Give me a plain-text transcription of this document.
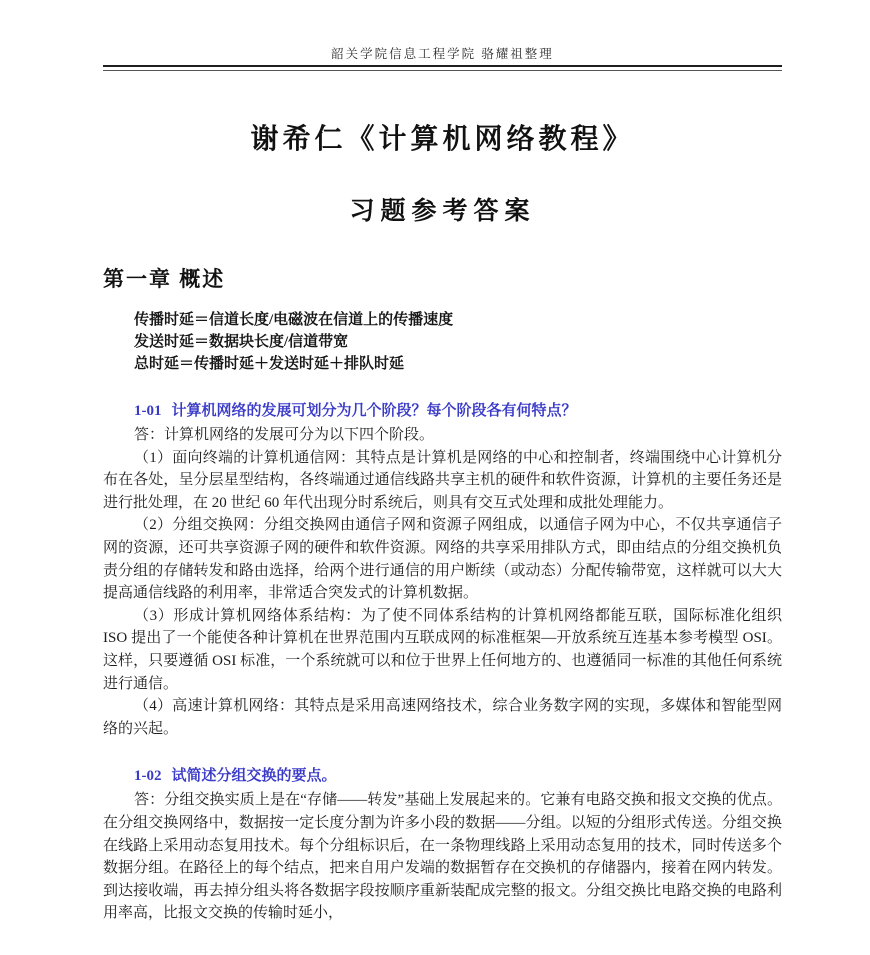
韶关学院信息工程学院 骆耀祖整理
谢希仁《计算机网络教程》
习题参考答案
第一章 概述
传播时延＝信道长度/电磁波在信道上的传播速度
发送时延＝数据块长度/信道带宽
总时延＝传播时延＋发送时延＋排队时延
1-01 计算机网络的发展可划分为几个阶段？每个阶段各有何特点？

答：计算机网络的发展可分为以下四个阶段。

（1）面向终端的计算机通信网：其特点是计算机是网络的中心和控制者，终端围绕中心计算机分布在各处，呈分层星型结构，各终端通过通信线路共享主机的硬件和软件资源，计算机的主要任务还是进行批处理，在 20 世纪 60 年代出现分时系统后，则具有交互式处理和成批处理能力。

（2）分组交换网：分组交换网由通信子网和资源子网组成，以通信子网为中心，不仅共享通信子网的资源，还可共享资源子网的硬件和软件资源。网络的共享采用排队方式，即由结点的分组交换机负责分组的存储转发和路由选择，给两个进行通信的用户断续（或动态）分配传输带宽，这样就可以大大提高通信线路的利用率，非常适合突发式的计算机数据。

（3）形成计算机网络体系结构：为了使不同体系结构的计算机网络都能互联，国际标准化组织 ISO 提出了一个能使各种计算机在世界范围内互联成网的标准框架—开放系统互连基本参考模型 OSI。这样，只要遵循 OSI 标准，一个系统就可以和位于世界上任何地方的、也遵循同一标准的其他任何系统进行通信。

（4）高速计算机网络：其特点是采用高速网络技术，综合业务数字网的实现，多媒体和智能型网络的兴起。

1-02 试简述分组交换的要点。

答：分组交换实质上是在“存储——转发”基础上发展起来的。它兼有电路交换和报文交换的优点。在分组交换网络中，数据按一定长度分割为许多小段的数据——分组。以短的分组形式传送。分组交换在线路上采用动态复用技术。每个分组标识后，在一条物理线路上采用动态复用的技术，同时传送多个数据分组。在路径上的每个结点，把来自用户发端的数据暂存在交换机的存储器内，接着在网内转发。到达接收端，再去掉分组头将各数据字段按顺序重新装配成完整的报文。分组交换比电路交换的电路利用率高，比报文交换的传输时延小，
